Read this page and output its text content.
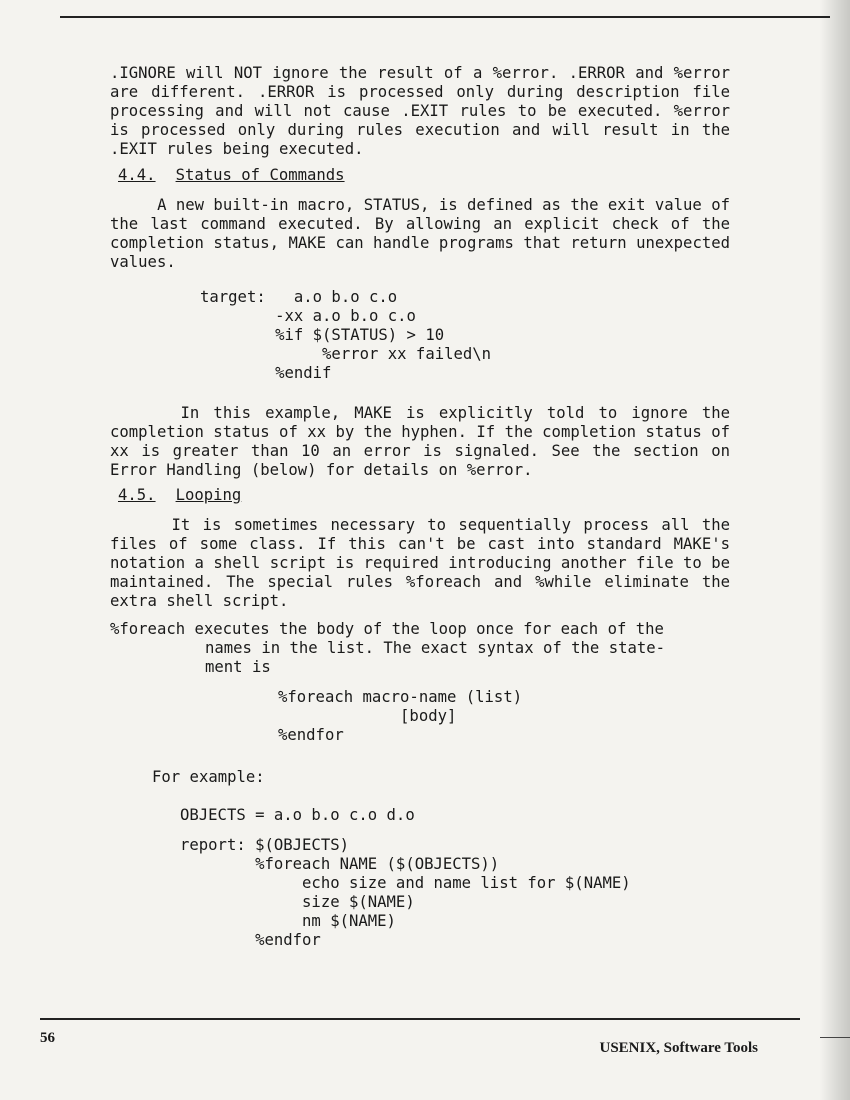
.IGNORE will NOT ignore the result of a %error. .ERROR and %error are different. .ERROR is processed only during description file processing and will not cause .EXIT rules to be executed. %error is processed only during rules execution and will result in the .EXIT rules being executed.

4.4. Status of Commands

A new built-in macro, STATUS, is defined as the exit value of the last command executed. By allowing an explicit check of the completion status, MAKE can handle programs that return unexpected values.

target:   a.o b.o c.o
-xx a.o b.o c.o
%if $(STATUS) > 10
%error xx failed\n
%endif

In this example, MAKE is explicitly told to ignore the completion status of xx by the hyphen. If the completion status of xx is greater than 10 an error is signaled. See the section on Error Handling (below) for details on %error.

4.5. Looping

It is sometimes necessary to sequentially process all the files of some class. If this can't be cast into standard MAKE's notation a shell script is required introducing another file to be maintained. The special rules %foreach and %while eliminate the extra shell script.

%foreach executes the body of the loop once for each of the

names in the list. The exact syntax of the state-
ment is

%foreach macro-name (list)
[body]
%endfor

For example:

OBJECTS = a.o b.o c.o d.o
report: $(OBJECTS)
%foreach NAME ($(OBJECTS))
echo size and name list for $(NAME)
size $(NAME)
nm $(NAME)
%endfor
56
USENIX, Software Tools
